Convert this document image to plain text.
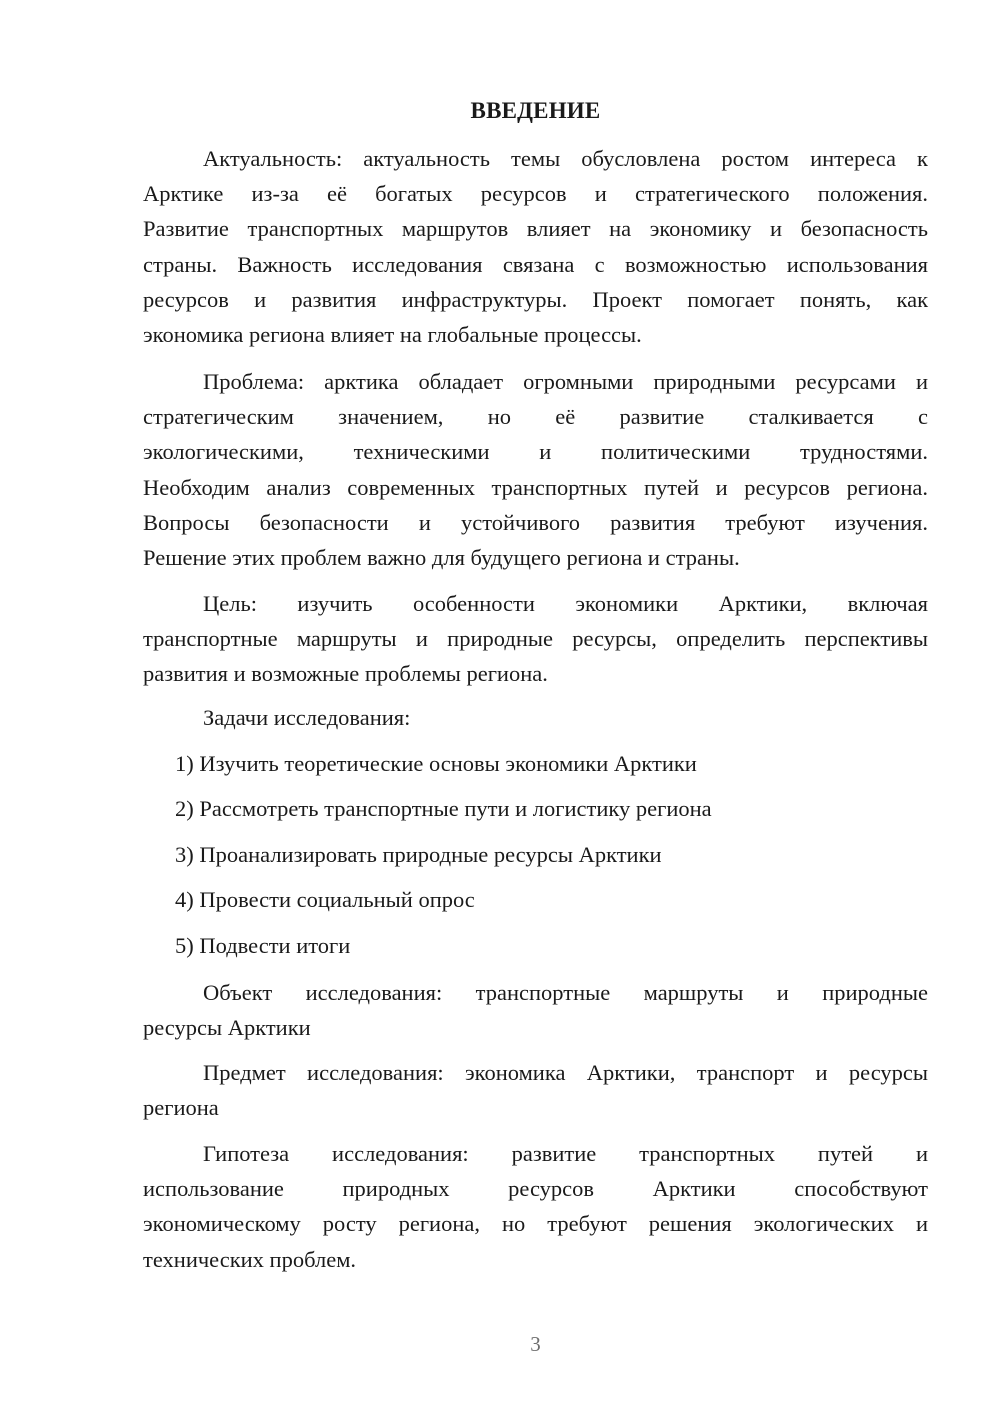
ВВЕДЕНИЕ

Актуальность: актуальность темы обусловлена ростом интереса к
Арктике из-за её богатых ресурсов и стратегического положения.
Развитие транспортных маршрутов влияет на экономику и безопасность
страны. Важность исследования связана с возможностью использования
ресурсов и развития инфраструктуры. Проект помогает понять, как
экономика региона влияет на глобальные процессы.

Проблема: арктика обладает огромными природными ресурсами и
стратегическим значением, но её развитие сталкивается с
экологическими, техническими и политическими трудностями.
Необходим анализ современных транспортных путей и ресурсов региона.
Вопросы безопасности и устойчивого развития требуют изучения.
Решение этих проблем важно для будущего региона и страны.

Цель: изучить особенности экономики Арктики, включая
транспортные маршруты и природные ресурсы, определить перспективы
развития и возможные проблемы региона.

Задачи исследования:
1) Изучить теоретические основы экономики Арктики
2) Рассмотреть транспортные пути и логистику региона
3) Проанализировать природные ресурсы Арктики
4) Провести социальный опрос
5) Подвести итоги

Объект исследования: транспортные маршруты и природные
ресурсы Арктики

Предмет исследования: экономика Арктики, транспорт и ресурсы
региона

Гипотеза исследования: развитие транспортных путей и
использование природных ресурсов Арктики способствуют
экономическому росту региона, но требуют решения экологических и
технических проблем.

3
